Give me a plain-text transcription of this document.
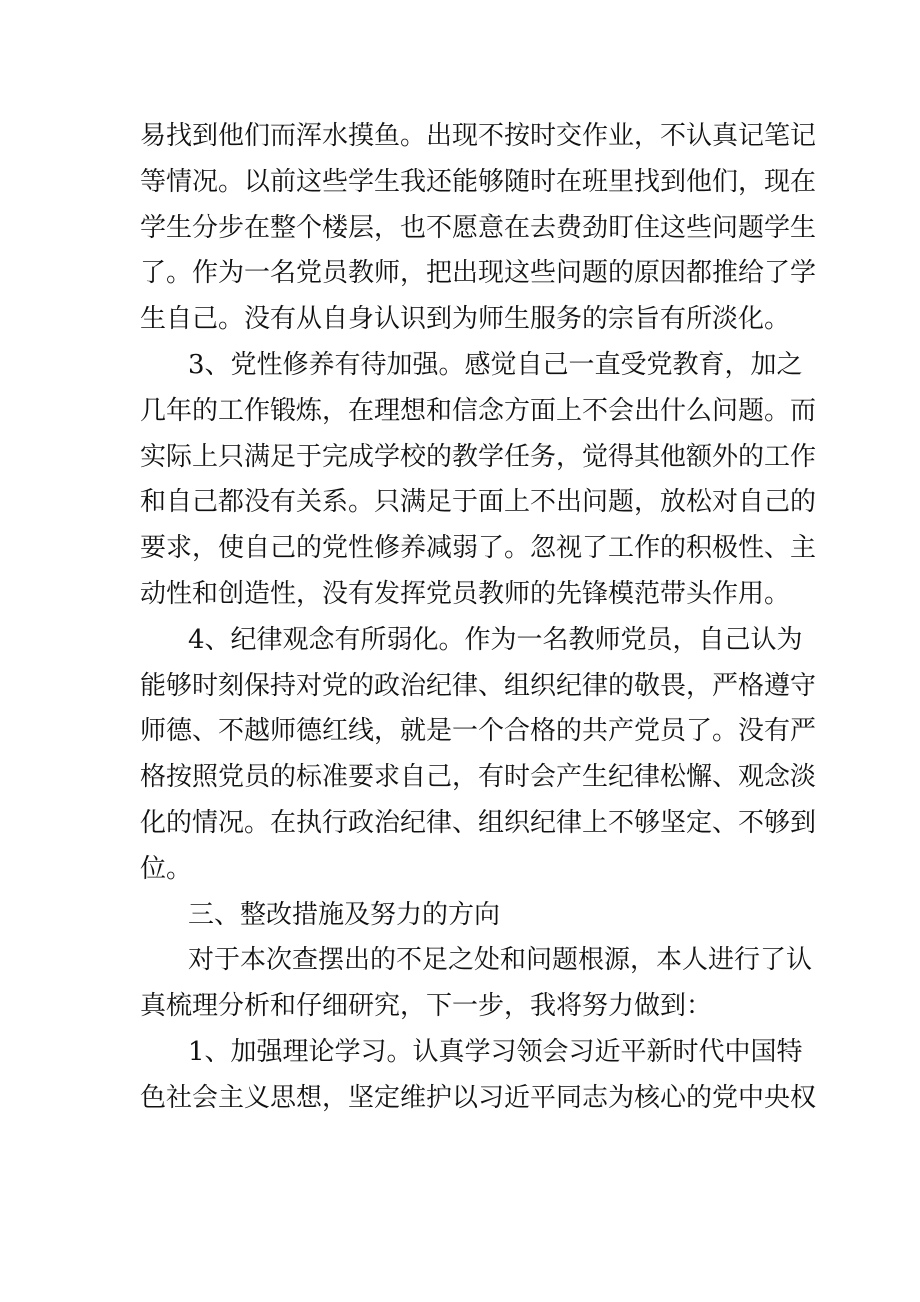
易找到他们而浑水摸鱼。出现不按时交作业，不认真记笔记
等情况。以前这些学生我还能够随时在班里找到他们，现在
学生分步在整个楼层，也不愿意在去费劲盯住这些问题学生
了。作为一名党员教师，把出现这些问题的原因都推给了学
生自己。没有从自身认识到为师生服务的宗旨有所淡化。
3、党性修养有待加强。感觉自己一直受党教育，加之
几年的工作锻炼，在理想和信念方面上不会出什么问题。而
实际上只满足于完成学校的教学任务，觉得其他额外的工作
和自己都没有关系。只满足于面上不出问题，放松对自己的
要求，使自己的党性修养减弱了。忽视了工作的积极性、主
动性和创造性，没有发挥党员教师的先锋模范带头作用。
4、纪律观念有所弱化。作为一名教师党员，自己认为
能够时刻保持对党的政治纪律、组织纪律的敬畏，严格遵守
师德、不越师德红线，就是一个合格的共产党员了。没有严
格按照党员的标准要求自己，有时会产生纪律松懈、观念淡
化的情况。在执行政治纪律、组织纪律上不够坚定、不够到
位。
三、整改措施及努力的方向
对于本次查摆出的不足之处和问题根源，本人进行了认
真梳理分析和仔细研究，下一步，我将努力做到：
1、加强理论学习。认真学习领会习近平新时代中国特
色社会主义思想，坚定维护以习近平同志为核心的党中央权
